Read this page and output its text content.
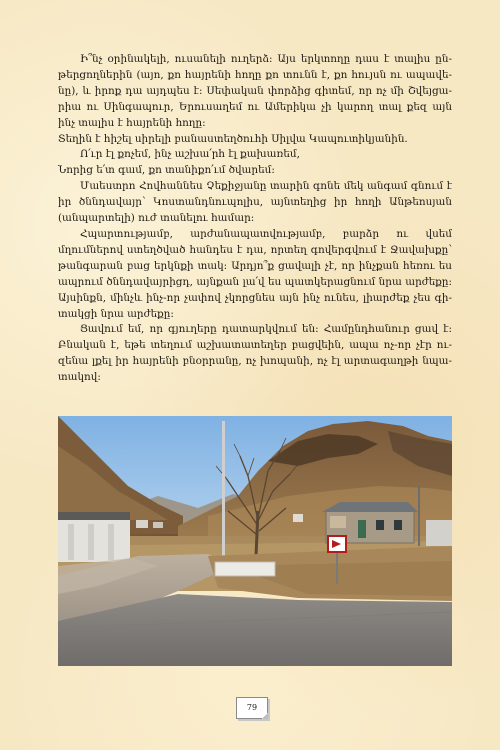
Ի՞նչ օրինակելի, ուսանելի ուղերձ: Այս երկտողը դաս է տալիս ընթերցողներին (այո, քո հայրենի հողը քո տունն է, քո հույսն ու ապավենը), և իրոք դա այդպես է: Սեփական փորձից գիտեմ, որ ոչ մի Շվեյցարիա ու Սինգապուր, Երուսաղեմ ու Ամերիկա չի կարող տալ քեզ այն ինչ տալիս է հայրենի հողը:

Տեղին է հիշել սիրելի բանաստեղծուհի Սիլվա Կապուտիկյանին.

Ո՛ւր էլ քոչեմ, ինչ աշխա՛րհ էլ քախառեմ,

Նորից ե՛տ գամ, քո տանիքո՛ւմ ծվարեմ:

Մաեստրո Հովհաննես Չեքիջյանը տարին գոնե մեկ անգամ գնում է իր ծննդավայր՝ Կոստանդնուպոլիս, այնտեղից իր հողի Անթեոսյան (անպարտելի) ուժ տանելու համար:

Հպարտությամբ, արժանապատվությամբ, բարձր ու վսեմ մղումներով ստեղծված հանդես է դա, որտեղ գովերգվում է Ջավախքը՝ թանգարան բաց երկնքի տակ: Արդյո՞ք ցավալի չէ, որ ինչքան հեռու ես ապրում ծննդավայրիցդ, այնքան լա՛վ ես պատկերացնում նրա արժեքը: Այսինքն, մինչև ինչ-որ չափով չկորցնես այն ինչ ունես, լիարժեք չես գիտակցի նրա արժեքը:

Ցավում եմ, որ գյուղերը դատարկվում են: Համընդհանուր ցավ է: Բնական է, եթե տեղում աշխատատեղեր բացվեին, ապա ոչ-որ չէր ուզենա լքել իր հայրենի բնօրրանը, ոչ խոպանի, ոչ էլ արտագաղթի նպատակով:

79
